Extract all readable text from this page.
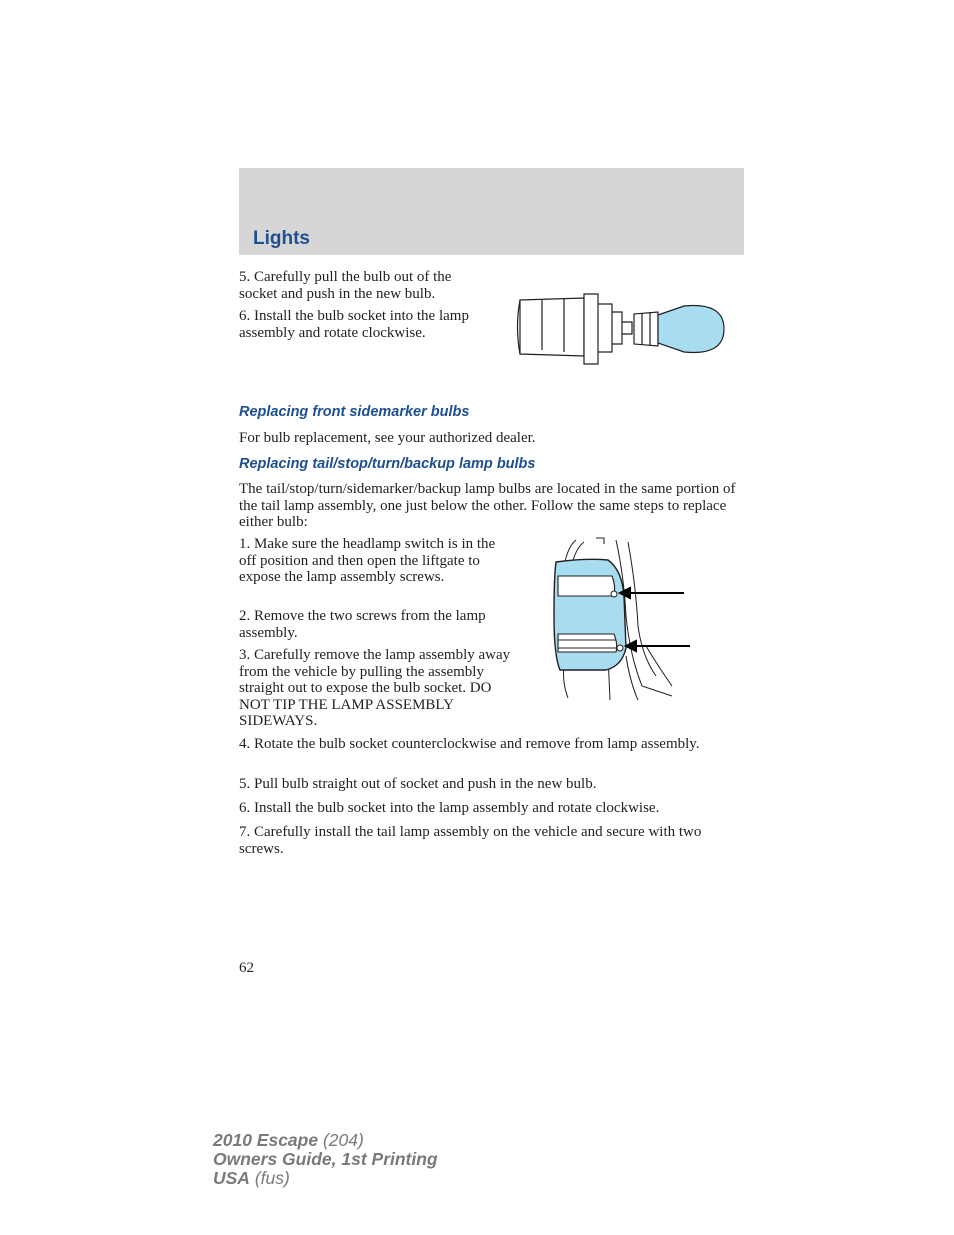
Lights

5. Carefully pull the bulb out of the socket and push in the new bulb.

6. Install the bulb socket into the lamp assembly and rotate clockwise.

Replacing front sidemarker bulbs

For bulb replacement, see your authorized dealer.

Replacing tail/stop/turn/backup lamp bulbs

The tail/stop/turn/sidemarker/backup lamp bulbs are located in the same portion of the tail lamp assembly, one just below the other. Follow the same steps to replace either bulb:

1. Make sure the headlamp switch is in the off position and then open the liftgate to expose the lamp assembly screws.

2. Remove the two screws from the lamp assembly.

3. Carefully remove the lamp assembly away from the vehicle by pulling the assembly straight out to expose the bulb socket. DO NOT TIP THE LAMP ASSEMBLY SIDEWAYS.

4. Rotate the bulb socket counterclockwise and remove from lamp assembly.

5. Pull bulb straight out of socket and push in the new bulb.

6. Install the bulb socket into the lamp assembly and rotate clockwise.

7. Carefully install the tail lamp assembly on the vehicle and secure with two screws.

62
2010 Escape (204)
Owners Guide, 1st Printing
USA (fus)
